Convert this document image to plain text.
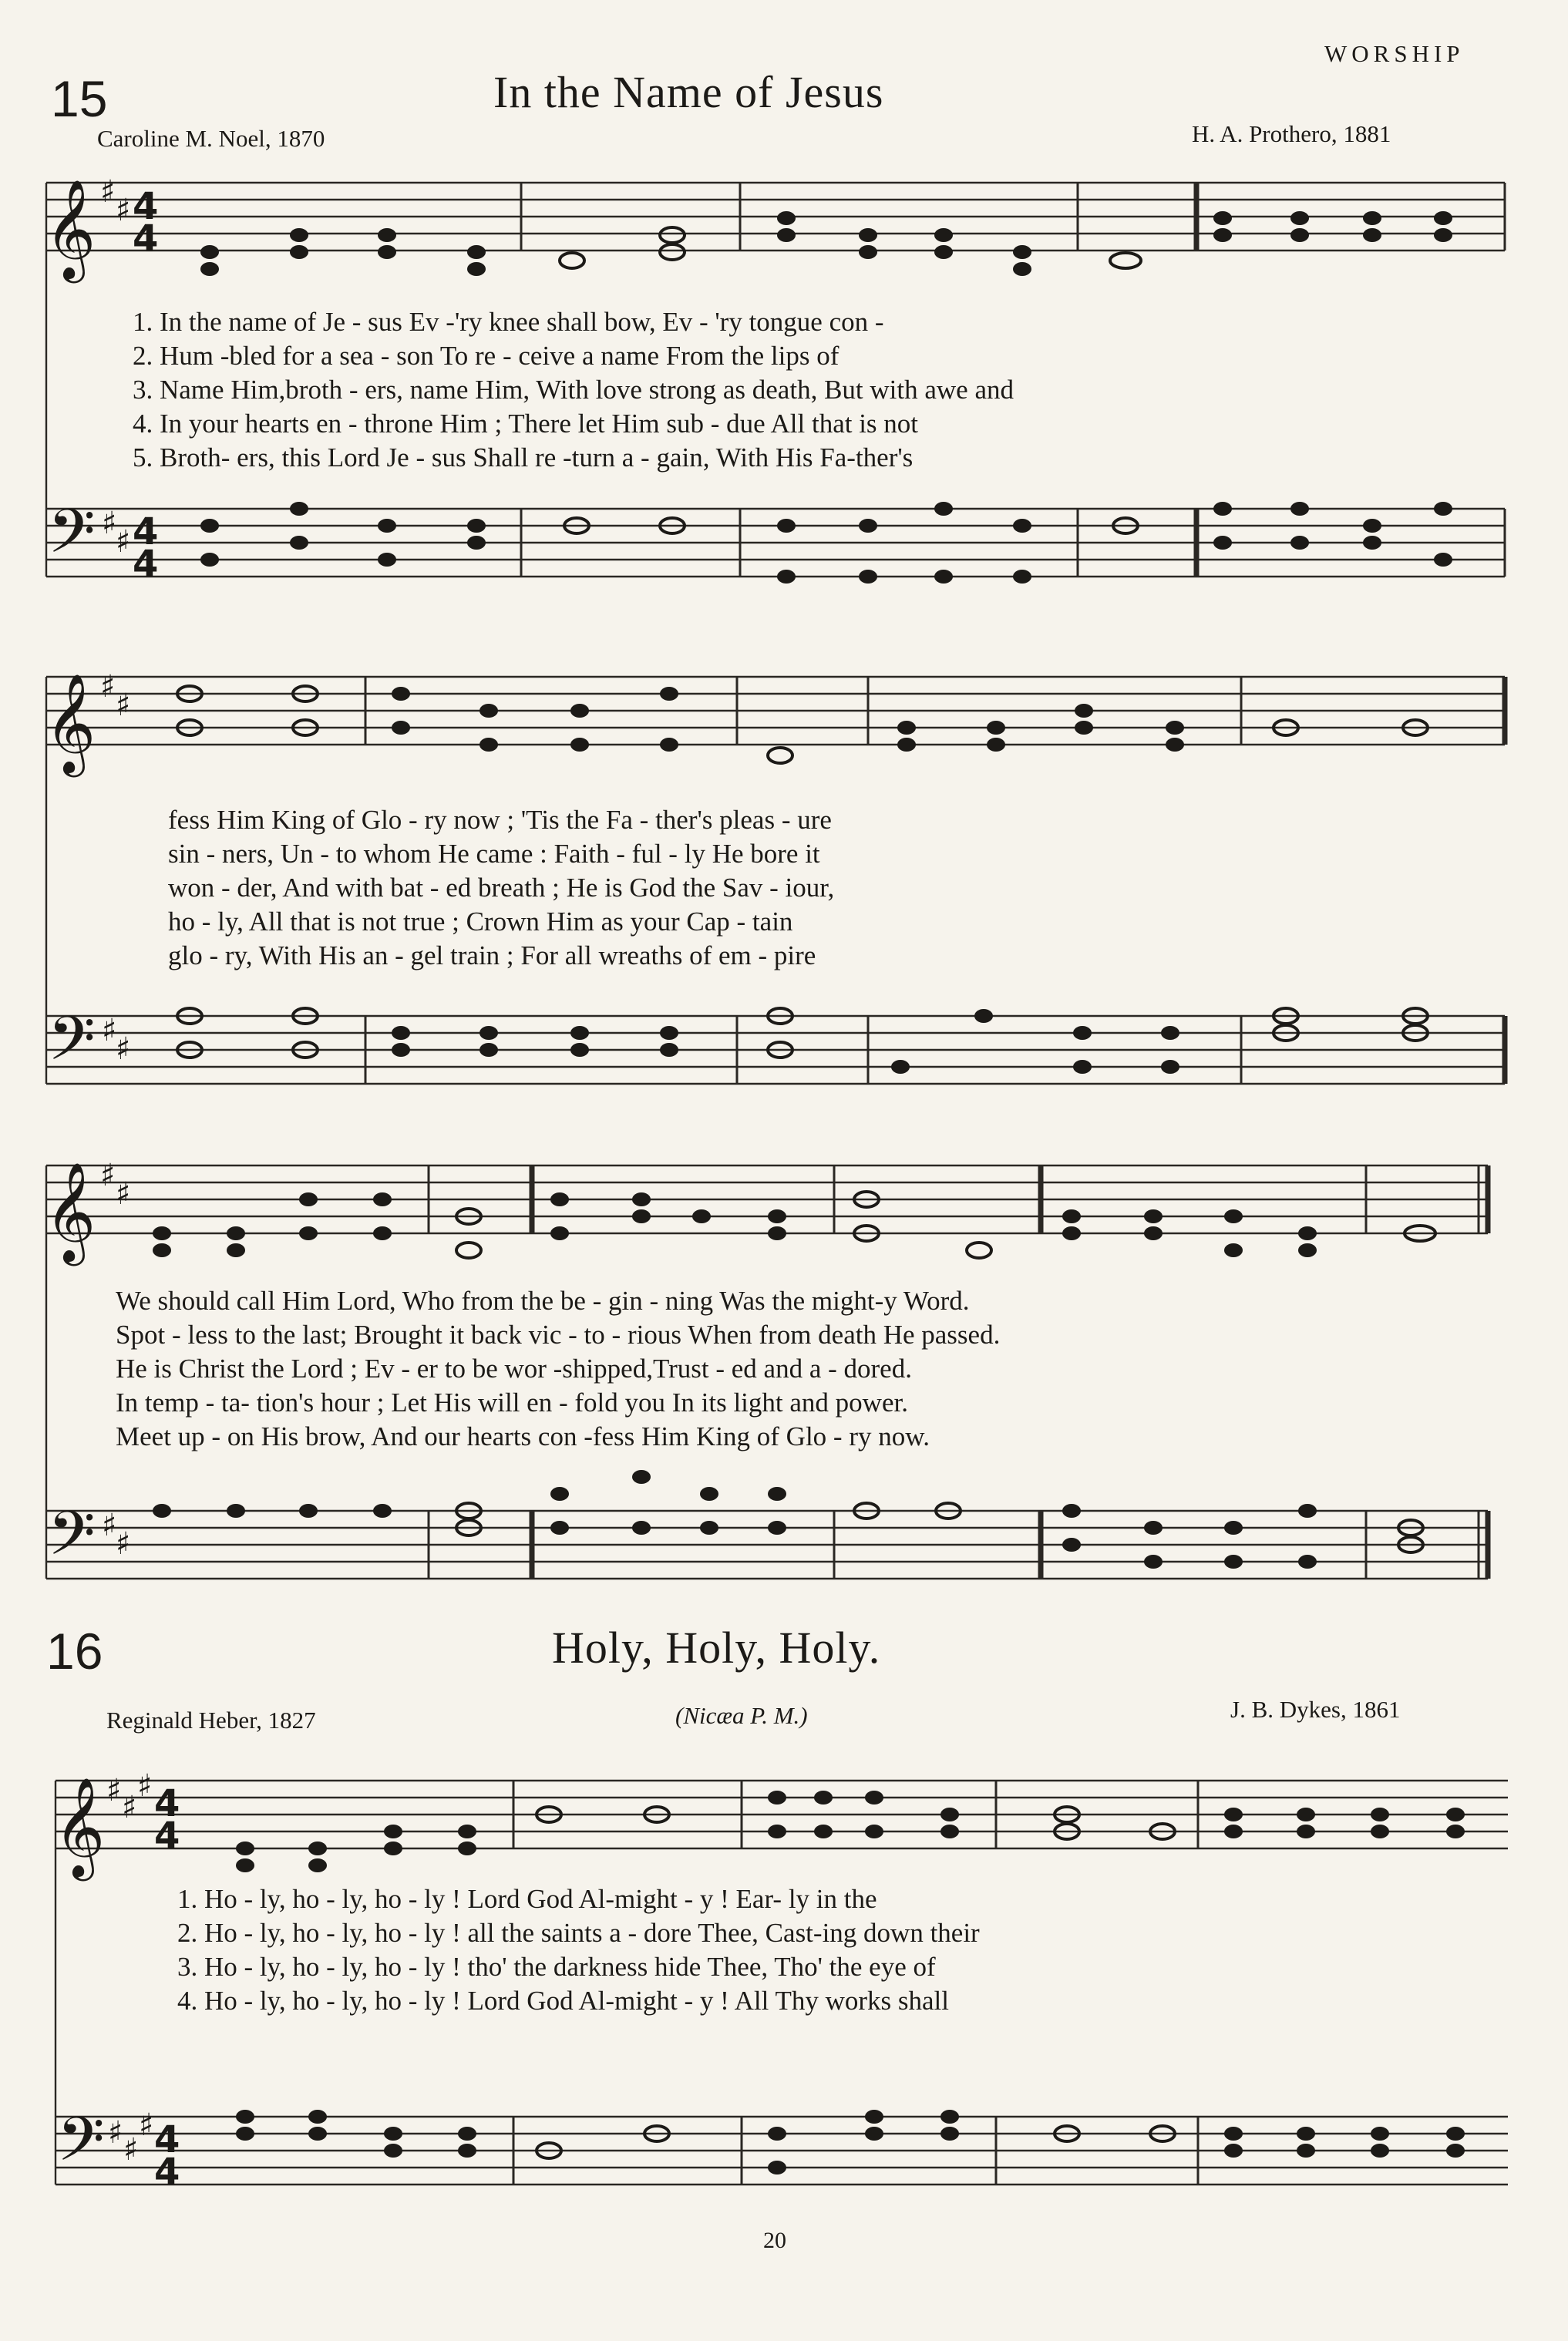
WORSHIP
15	In the Name of Jesus
Caroline M. Noel, 1870	H. A. Prothero, 1881
𝄞 ♯
♯ 4
4
𝄢 ♯
♯ 4
4
𝄞 ♯
♯
𝄢 ♯
♯
𝄞 ♯
♯
𝄢 ♯
♯
𝄞 ♯ ♯
♯ 4
4
𝄢 ♯ ♯
♯ 4
4
1. In the name of Je - sus Ev -'ry knee shall bow, Ev - 'ry tongue con -
2. Hum -bled for a sea - son To re - ceive a name From the lips of
3. Name Him,broth - ers, name Him, With love strong as death, But with awe and
4. In your hearts en - throne Him ; There let Him sub - due All that is not
5. Broth- ers, this Lord Je - sus Shall re -turn a - gain, With His Fa-ther's
fess Him King of Glo - ry now ; 'Tis the Fa - ther's pleas - ure
sin - ners, Un - to whom He came : Faith - ful - ly He bore it
won - der, And with bat - ed breath ; He is God the Sav - iour,
ho - ly, All that is not true ; Crown Him as your Cap - tain
glo - ry, With His an - gel train ; For all wreaths of em - pire
We should call Him Lord, Who from the be - gin - ning Was the might-y Word.
Spot - less to the last; Brought it back vic - to - rious When from death He passed.
He is Christ the Lord ; Ev - er to be wor -shipped,Trust - ed and a - dored.
In temp - ta- tion's hour ; Let His will en - fold you In its light and power.
Meet up - on His brow, And our hearts con -fess Him King of Glo - ry now.
16	Holy, Holy, Holy.
Reginald Heber, 1827	(Nicæa P. M.)	J. B. Dykes, 1861
1. Ho - ly, ho - ly, ho - ly ! Lord God Al-might - y ! Ear- ly in the
2. Ho - ly, ho - ly, ho - ly ! all the saints a - dore Thee, Cast-ing down their
3. Ho - ly, ho - ly, ho - ly ! tho' the darkness hide Thee, Tho' the eye of
4. Ho - ly, ho - ly, ho - ly ! Lord God Al-might - y ! All Thy works shall
20
